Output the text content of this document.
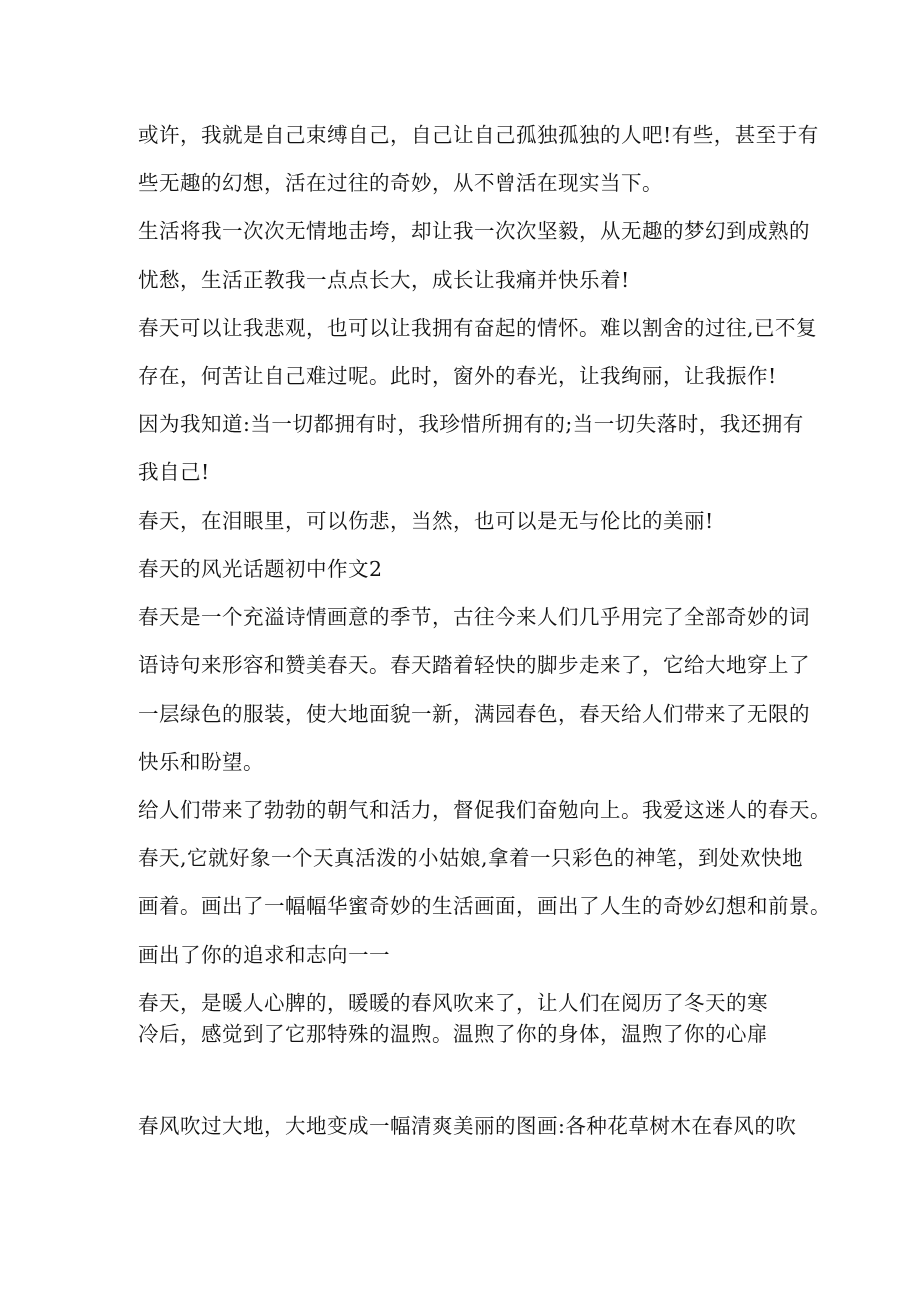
或许，我就是自己束缚自己，自己让自己孤独孤独的人吧!有些，甚至于有

些无趣的幻想，活在过往的奇妙，从不曾活在现实当下。

生活将我一次次无情地击垮，却让我一次次坚毅，从无趣的梦幻到成熟的

忧愁，生活正教我一点点长大，成长让我痛并快乐着!

春天可以让我悲观，也可以让我拥有奋起的情怀。难以割舍的过往,已不复

存在，何苦让自己难过呢。此时，窗外的春光，让我绚丽，让我振作!

因为我知道:当一切都拥有时，我珍惜所拥有的;当一切失落时，我还拥有

我自己!

春天，在泪眼里，可以伤悲，当然，也可以是无与伦比的美丽!

春天的风光话题初中作文2

春天是一个充溢诗情画意的季节，古往今来人们几乎用完了全部奇妙的词

语诗句来形容和赞美春天。春天踏着轻快的脚步走来了，它给大地穿上了

一层绿色的服装，使大地面貌一新，满园春色，春天给人们带来了无限的

快乐和盼望。

给人们带来了勃勃的朝气和活力，督促我们奋勉向上。我爱这迷人的春天。

春天,它就好象一个天真活泼的小姑娘,拿着一只彩色的神笔，到处欢快地

画着。画出了一幅幅华蜜奇妙的生活画面，画出了人生的奇妙幻想和前景。

画出了你的追求和志向一一

春天，是暖人心脾的，暖暖的春风吹来了，让人们在阅历了冬天的寒

冷后，感觉到了它那特殊的温煦。温煦了你的身体，温煦了你的心扉

春风吹过大地，大地变成一幅清爽美丽的图画:各种花草树木在春风的吹
